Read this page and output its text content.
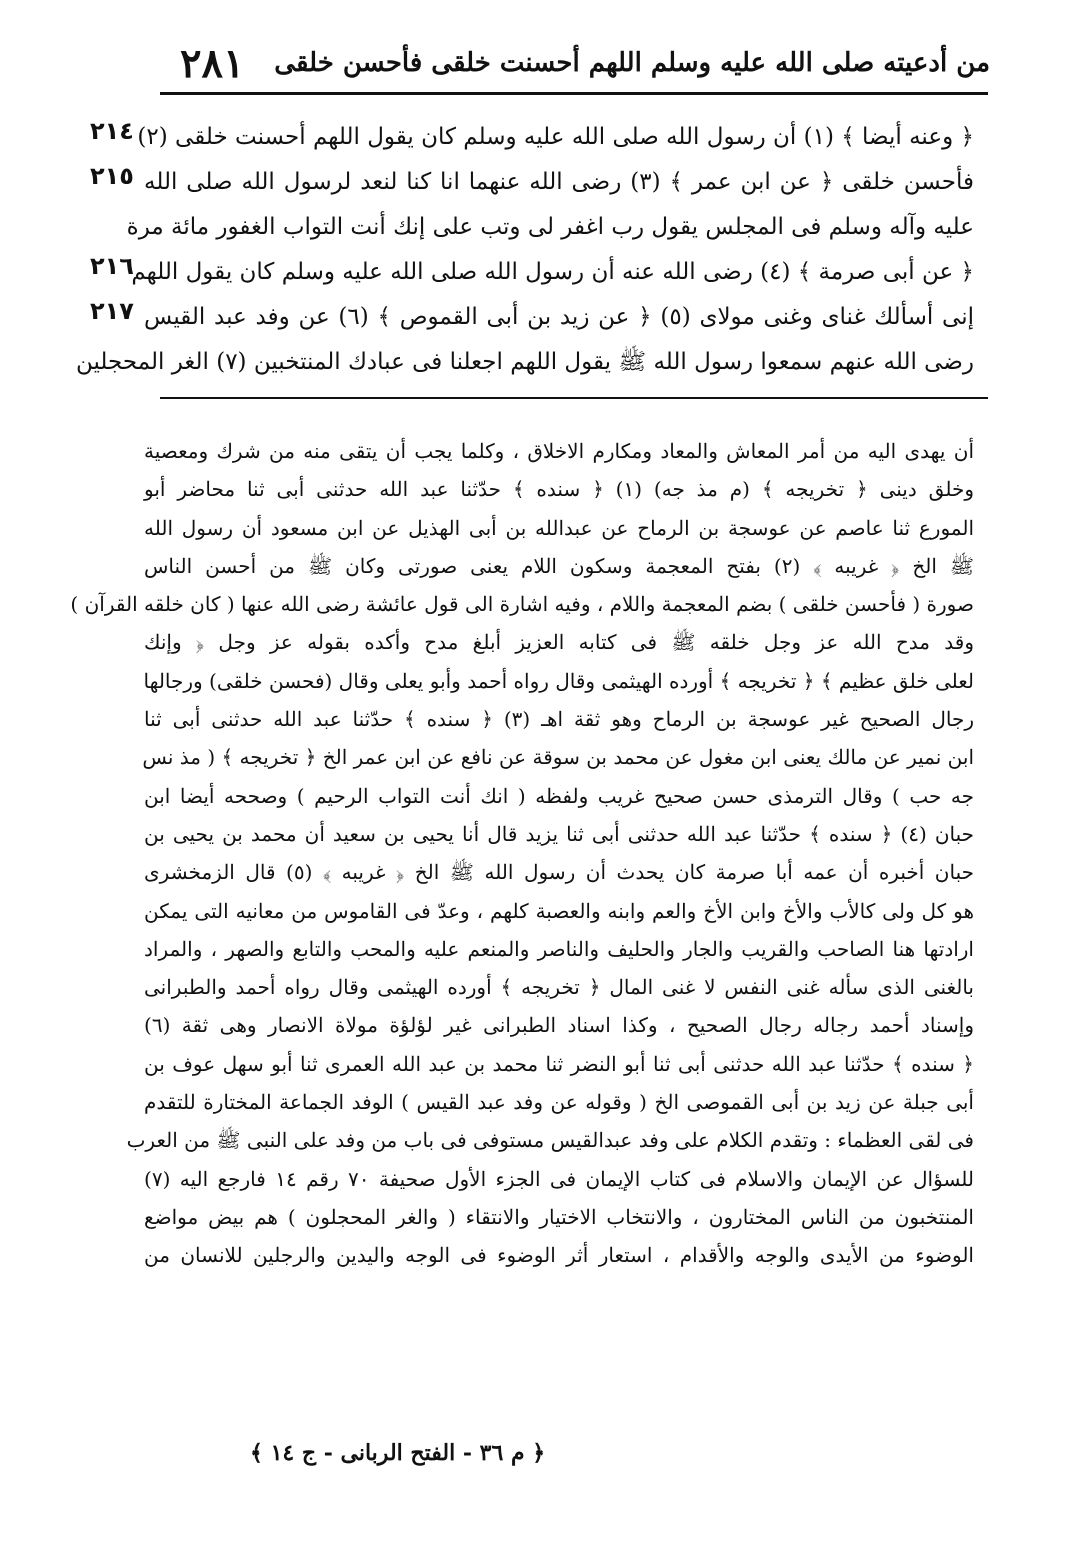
من أدعيته صلى الله عليه وسلم اللهم أحسنت خلقى فأحسن خلقى
٢٨١
٢١٤
٢١٥
٢١٦
٢١٧
﴿ وعنه أيضا ﴾ (١) أن رسول الله صلى الله عليه وسلم كان يقول اللهم أحسنت خلقى (٢)
فأحسن خلقى ﴿ عن ابن عمر ﴾ (٣) رضى الله عنهما انا كنا لنعد لرسول الله صلى الله
عليه وآله وسلم فى المجلس يقول رب اغفر لى وتب على إنك أنت التواب الغفور مائة مرة
﴿ عن أبى صرمة ﴾ (٤) رضى الله عنه أن رسول الله صلى الله عليه وسلم كان يقول اللهم
إنى أسألك غناى وغنى مولاى (٥) ﴿ عن زيد بن أبى القموص ﴾ (٦) عن وفد عبد القيس
رضى الله عنهم سمعوا رسول الله ﷺ يقول اللهم اجعلنا فى عبادك المنتخبين (٧) الغر المحجلين
أن يهدى اليه من أمر المعاش والمعاد ومكارم الاخلاق ، وكلما يجب أن يتقى منه من شرك ومعصية
وخلق دينى ﴿ تخريجه ﴾ (م مذ جه) (١) ﴿ سنده ﴾ حدّثنا عبد الله حدثنى أبى ثنا محاضر أبو
المورع ثنا عاصم عن عوسجة بن الرماح عن عبدالله بن أبى الهذيل عن ابن مسعود أن رسول الله
ﷺ الخ ﴿ غريبه ﴾ (٢) بفتح المعجمة وسكون اللام يعنى صورتى وكان ﷺ من أحسن الناس
صورة ( فأحسن خلقى ) بضم المعجمة واللام ، وفيه اشارة الى قول عائشة رضى الله عنها ( كان خلقه القرآن )
وقد مدح الله عز وجل خلقه ﷺ فى كتابه العزيز أبلغ مدح وأكده بقوله عز وجل ﴿ وإنك
لعلى خلق عظيم ﴾ ﴿ تخريجه ﴾ أورده الهيثمى وقال رواه أحمد وأبو يعلى وقال (فحسن خلقى) ورجالها
رجال الصحيح غير عوسجة بن الرماح وهو ثقة اهـ (٣) ﴿ سنده ﴾ حدّثنا عبد الله حدثنى أبى ثنا
ابن نمير عن مالك يعنى ابن مغول عن محمد بن سوقة عن نافع عن ابن عمر الخ ﴿ تخريجه ﴾ ( مذ نس
جه حب ) وقال الترمذى حسن صحيح غريب ولفظه ( انك أنت التواب الرحيم ) وصححه أيضا ابن
حبان (٤) ﴿ سنده ﴾ حدّثنا عبد الله حدثنى أبى ثنا يزيد قال أنا يحيى بن سعيد أن محمد بن يحيى بن
حبان أخبره أن عمه أبا صرمة كان يحدث أن رسول الله ﷺ الخ ﴿ غريبه ﴾ (٥) قال الزمخشرى
هو كل ولى كالأب والأخ وابن الأخ والعم وابنه والعصبة كلهم ، وعدّ فى القاموس من معانيه التى يمكن
ارادتها هنا الصاحب والقريب والجار والحليف والناصر والمنعم عليه والمحب والتابع والصهر ، والمراد
بالغنى الذى سأله غنى النفس لا غنى المال ﴿ تخريجه ﴾ أورده الهيثمى وقال رواه أحمد والطبرانى
وإسناد أحمد رجاله رجال الصحيح ، وكذا اسناد الطبرانى غير لؤلؤة مولاة الانصار وهى ثقة (٦)
﴿ سنده ﴾ حدّثنا عبد الله حدثنى أبى ثنا أبو النضر ثنا محمد بن عبد الله العمرى ثنا أبو سهل عوف بن
أبى جبلة عن زيد بن أبى القموصى الخ ( وقوله عن وفد عبد القيس ) الوفد الجماعة المختارة للتقدم
فى لقى العظماء : وتقدم الكلام على وفد عبدالقيس مستوفى فى باب من وفد على النبى ﷺ من العرب
للسؤال عن الإيمان والاسلام فى كتاب الإيمان فى الجزء الأول صحيفة ٧٠ رقم ١٤ فارجع اليه (٧)
المنتخبون من الناس المختارون ، والانتخاب الاختيار والانتقاء ( والغر المحجلون ) هم بيض مواضع
الوضوء من الأيدى والوجه والأقدام ، استعار أثر الوضوء فى الوجه واليدين والرجلين للانسان من
﴿ م ٣٦ - الفتح الربانى - ج ١٤ ﴾
